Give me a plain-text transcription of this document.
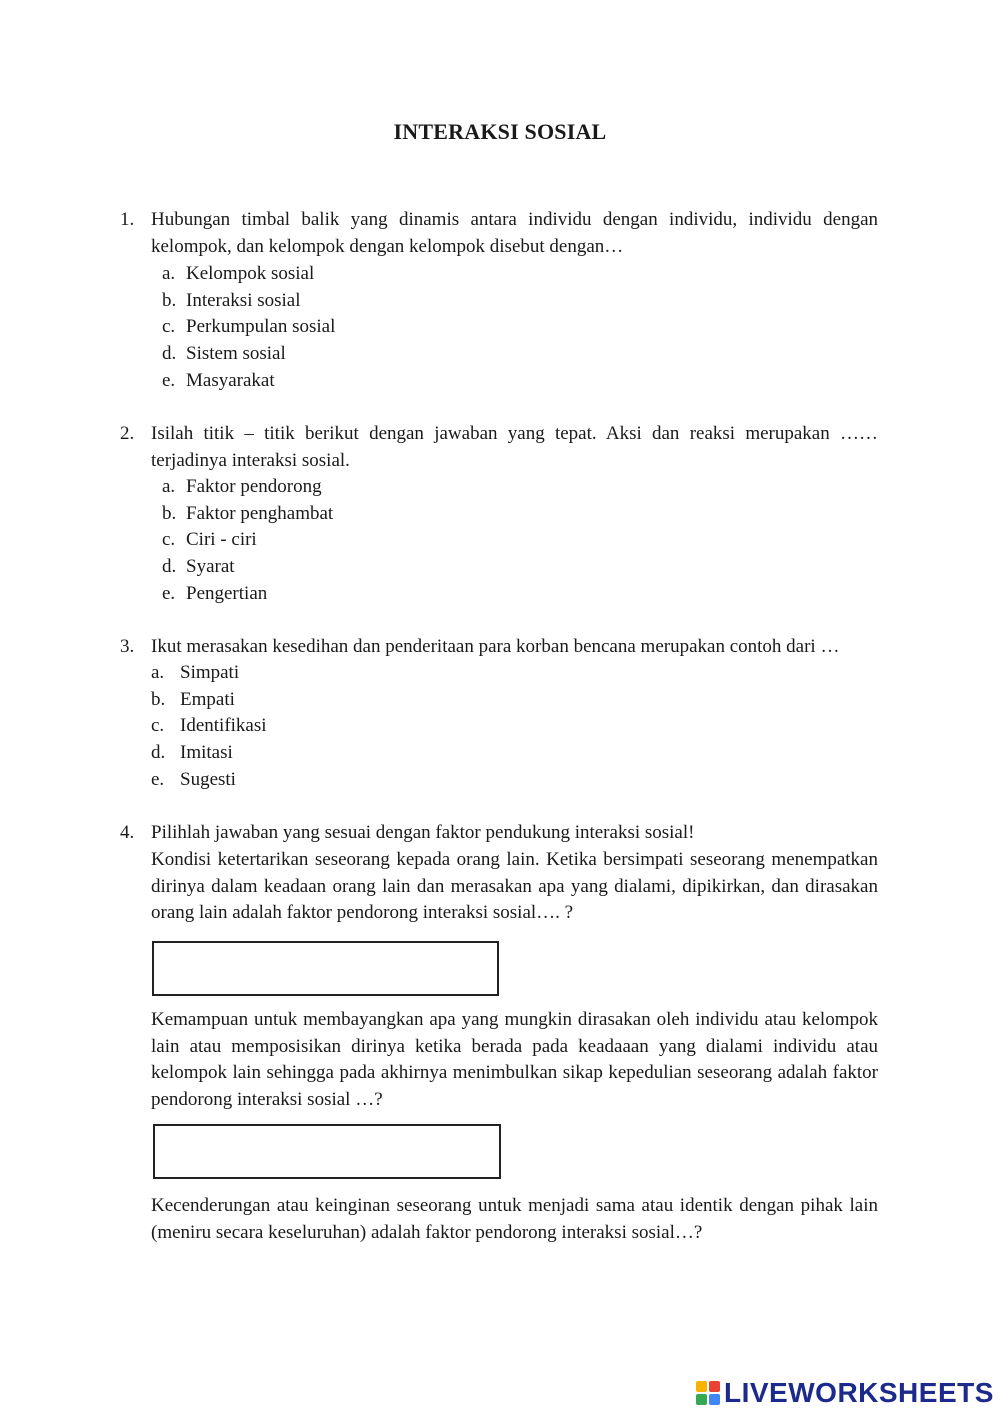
INTERAKSI SOSIAL
1. Hubungan timbal balik yang dinamis antara individu dengan individu, individu dengan kelompok, dan kelompok dengan kelompok disebut dengan…

a. Kelompok sosial
b. Interaksi sosial
c. Perkumpulan sosial
d. Sistem sosial
e. Masyarakat
2. Isilah titik – titik berikut dengan jawaban yang tepat. Aksi dan reaksi merupakan …… terjadinya interaksi sosial.

a. Faktor pendorong
b. Faktor penghambat
c. Ciri - ciri
d. Syarat
e. Pengertian
3. Ikut merasakan kesedihan dan penderitaan para korban bencana merupakan contoh dari …

a. Simpati
b. Empati
c. Identifikasi
d. Imitasi
e. Sugesti
4. Pilihlah jawaban yang sesuai dengan faktor pendukung interaksi sosial!

Kondisi ketertarikan seseorang kepada orang lain. Ketika bersimpati seseorang menempatkan dirinya dalam keadaan orang lain dan merasakan apa yang dialami, dipikirkan, dan dirasakan orang lain adalah faktor pendorong interaksi sosial…. ?

Kemampuan untuk membayangkan apa yang mungkin dirasakan oleh individu atau kelompok lain atau memposisikan dirinya ketika berada pada keadaaan yang dialami individu atau kelompok lain sehingga pada akhirnya menimbulkan sikap kepedulian seseorang adalah faktor pendorong interaksi sosial …?

Kecenderungan atau keinginan seseorang untuk menjadi sama atau identik dengan pihak lain (meniru secara keseluruhan) adalah faktor pendorong interaksi sosial…?

LIVEWORKSHEETS
